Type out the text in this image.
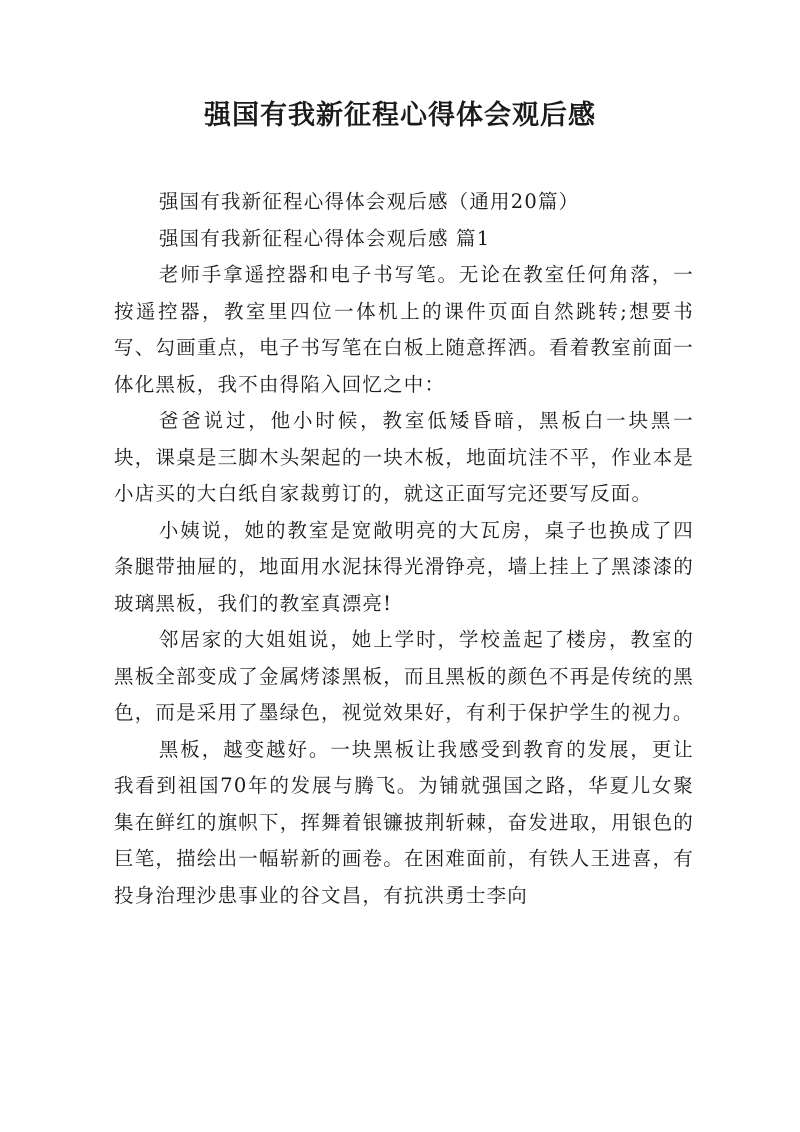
强国有我新征程心得体会观后感

强国有我新征程心得体会观后感（通用20篇）

强国有我新征程心得体会观后感 篇1

老师手拿遥控器和电子书写笔。无论在教室任何角落，一按遥控器，教室里四位一体机上的课件页面自然跳转;想要书写、勾画重点，电子书写笔在白板上随意挥洒。看着教室前面一体化黑板，我不由得陷入回忆之中：

爸爸说过，他小时候，教室低矮昏暗，黑板白一块黑一块，课桌是三脚木头架起的一块木板，地面坑洼不平，作业本是小店买的大白纸自家裁剪订的，就这正面写完还要写反面。

小姨说，她的教室是宽敞明亮的大瓦房，桌子也换成了四条腿带抽屉的，地面用水泥抹得光滑铮亮，墙上挂上了黑漆漆的玻璃黑板，我们的教室真漂亮!

邻居家的大姐姐说，她上学时，学校盖起了楼房，教室的黑板全部变成了金属烤漆黑板，而且黑板的颜色不再是传统的黑色，而是采用了墨绿色，视觉效果好，有利于保护学生的视力。

黑板，越变越好。一块黑板让我感受到教育的发展，更让我看到祖国70年的发展与腾飞。为铺就强国之路，华夏儿女聚集在鲜红的旗帜下，挥舞着银镰披荆斩棘，奋发进取，用银色的巨笔，描绘出一幅崭新的画卷。在困难面前，有铁人王进喜，有投身治理沙患事业的谷文昌，有抗洪勇士李向
